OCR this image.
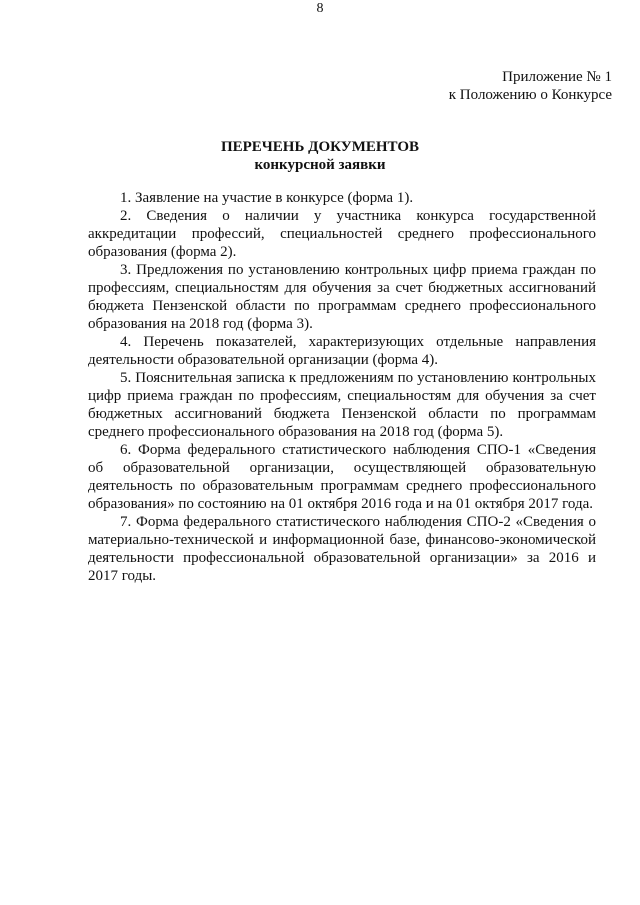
8
Приложение № 1
к Положению о Конкурсе
ПЕРЕЧЕНЬ ДОКУМЕНТОВ
конкурсной заявки

1. Заявление на участие в конкурсе (форма 1).

2. Сведения о наличии у участника конкурса государственной аккредитации профессий, специальностей среднего профессионального образования (форма 2).

3. Предложения по установлению контрольных цифр приема граждан по профессиям, специальностям для обучения за счет бюджетных ассигнований бюджета Пензенской области по программам среднего профессионального образования на 2018 год (форма 3).

4. Перечень показателей, характеризующих отдельные направления деятельности образовательной организации (форма 4).

5. Пояснительная записка к предложениям по установлению контрольных цифр приема граждан по профессиям, специальностям для обучения за счет бюджетных ассигнований бюджета Пензенской области по программам среднего профессионального образования на 2018 год (форма 5).

6. Форма федерального статистического наблюдения СПО-1 «Сведения об образовательной организации, осуществляющей образовательную деятельность по образовательным программам среднего профессионального образования» по состоянию на 01 октября 2016 года и на 01 октября 2017 года.

7. Форма федерального статистического наблюдения СПО-2 «Сведения о материально-технической и информационной базе, финансово-экономической деятельности профессиональной образовательной организации» за 2016 и 2017 годы.
